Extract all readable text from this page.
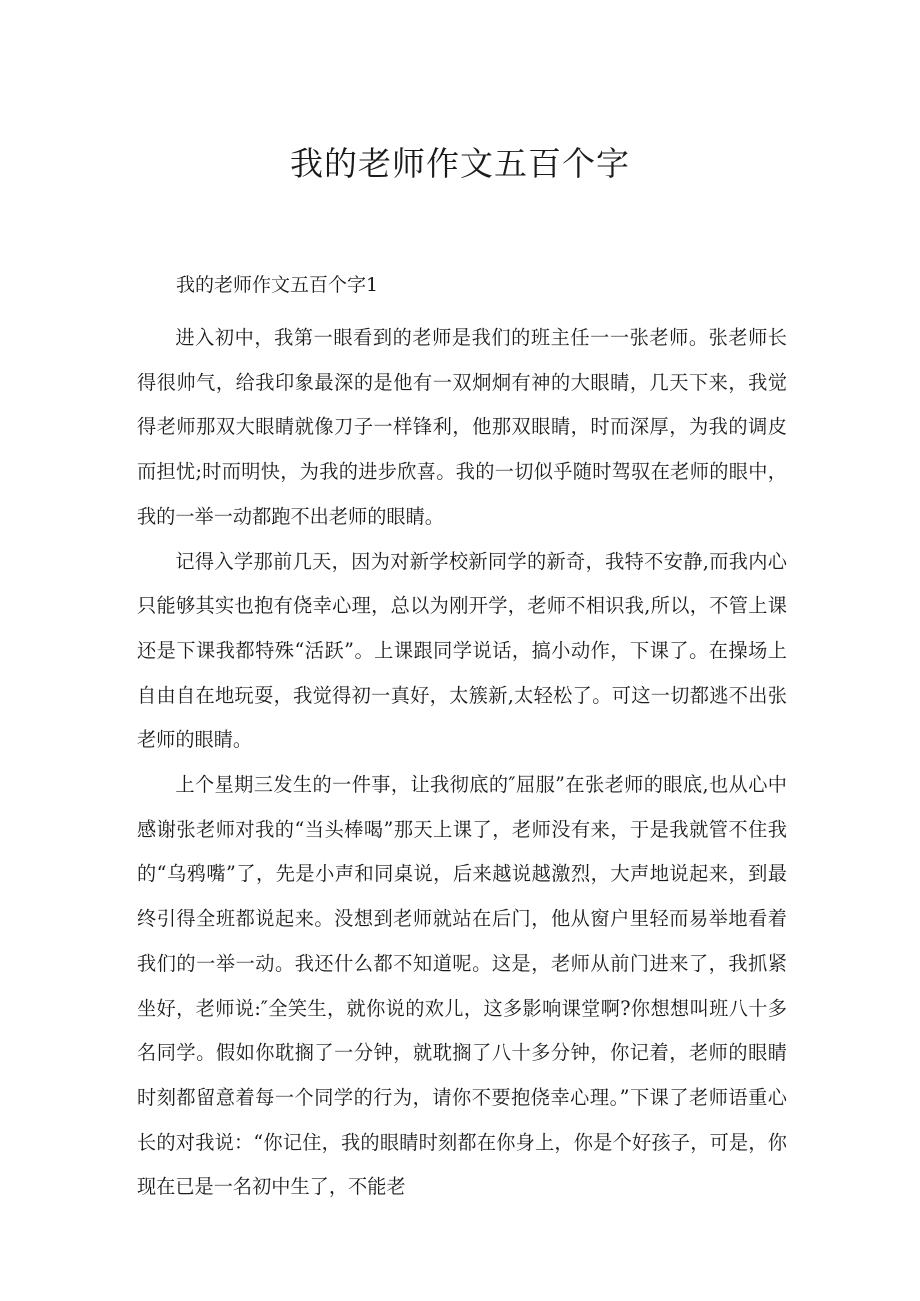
我的老师作文五百个字

我的老师作文五百个字1

进入初中，我第一眼看到的老师是我们的班主任一一张老师。张老师长得很帅气，给我印象最深的是他有一双炯炯有神的大眼睛，几天下来，我觉得老师那双大眼睛就像刀子一样锋利，他那双眼睛，时而深厚，为我的调皮而担忧;时而明快，为我的进步欣喜。我的一切似乎随时驾驭在老师的眼中，我的一举一动都跑不出老师的眼睛。

记得入学那前几天，因为对新学校新同学的新奇，我特不安静,而我内心只能够其实也抱有侥幸心理，总以为刚开学，老师不相识我,所以，不管上课还是下课我都特殊“活跃”。上课跟同学说话，搞小动作，下课了。在操场上自由自在地玩耍，我觉得初一真好，太簇新,太轻松了。可这一切都逃不出张老师的眼睛。

上个星期三发生的一件事，让我彻底的″屈服”在张老师的眼底,也从心中感谢张老师对我的“当头棒喝”那天上课了，老师没有来，于是我就管不住我的“乌鸦嘴”了，先是小声和同桌说，后来越说越激烈，大声地说起来，到最终引得全班都说起来。没想到老师就站在后门，他从窗户里轻而易举地看着我们的一举一动。我还什么都不知道呢。这是，老师从前门进来了，我抓紧坐好，老师说:″全笑生，就你说的欢儿，这多影响课堂啊?你想想叫班八十多名同学。假如你耽搁了一分钟，就耽搁了八十多分钟，你记着，老师的眼睛时刻都留意着每一个同学的行为，请你不要抱侥幸心理。”下课了老师语重心长的对我说：“你记住，我的眼睛时刻都在你身上，你是个好孩子，可是，你现在已是一名初中生了，不能老
